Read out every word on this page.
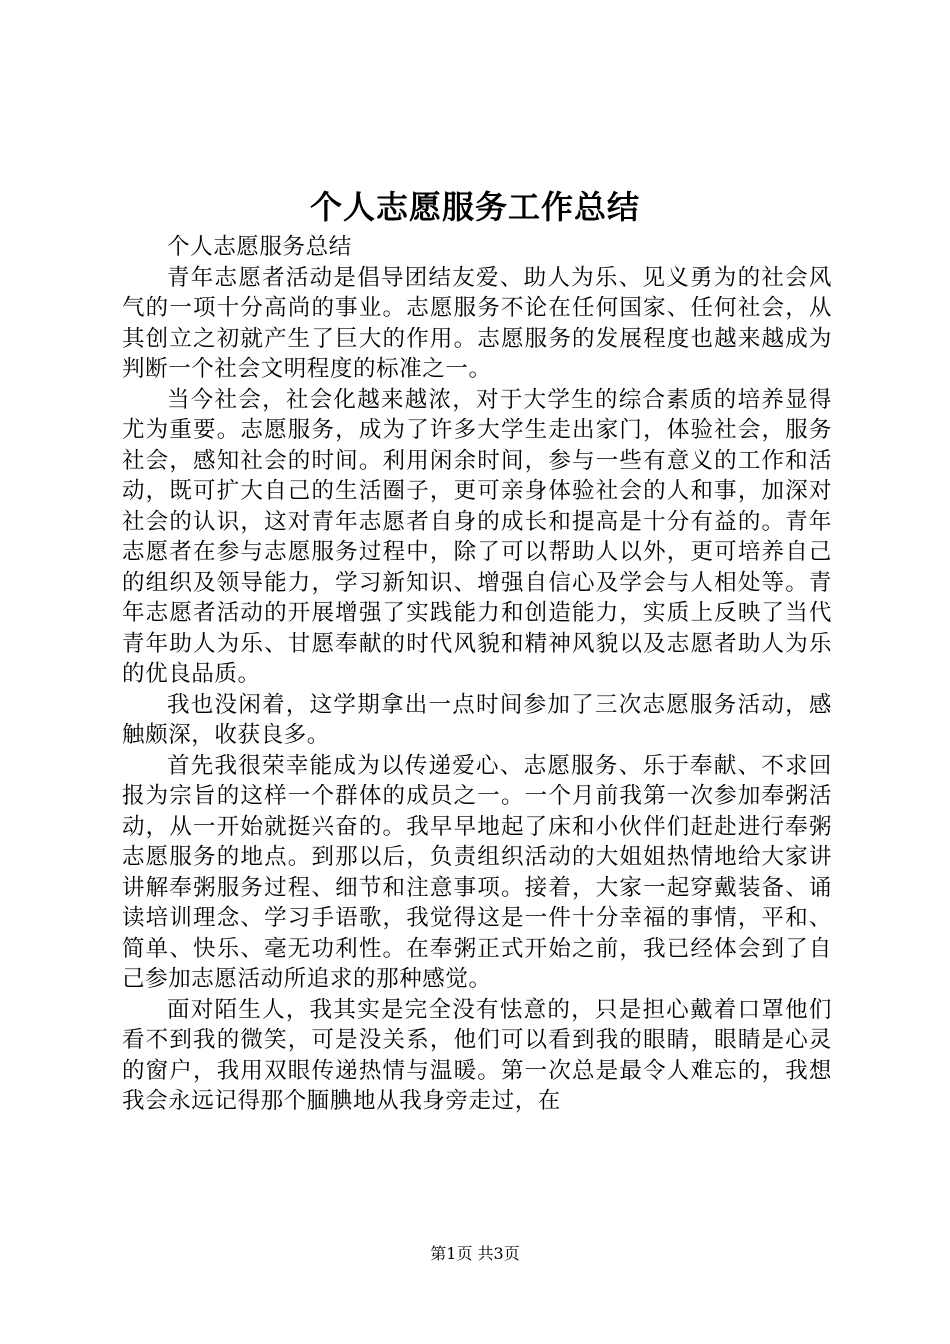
个人志愿服务工作总结

个人志愿服务总结

青年志愿者活动是倡导团结友爱、助人为乐、见义勇为的社会风气的一项十分高尚的事业。志愿服务不论在任何国家、任何社会，从其创立之初就产生了巨大的作用。志愿服务的发展程度也越来越成为判断一个社会文明程度的标准之一。

当今社会，社会化越来越浓，对于大学生的综合素质的培养显得尤为重要。志愿服务，成为了许多大学生走出家门，体验社会，服务社会，感知社会的时间。利用闲余时间，参与一些有意义的工作和活动，既可扩大自己的生活圈子，更可亲身体验社会的人和事，加深对社会的认识，这对青年志愿者自身的成长和提高是十分有益的。青年志愿者在参与志愿服务过程中，除了可以帮助人以外，更可培养自己的组织及领导能力，学习新知识、增强自信心及学会与人相处等。青年志愿者活动的开展增强了实践能力和创造能力，实质上反映了当代青年助人为乐、甘愿奉献的时代风貌和精神风貌以及志愿者助人为乐的优良品质。

我也没闲着，这学期拿出一点时间参加了三次志愿服务活动，感触颇深，收获良多。

首先我很荣幸能成为以传递爱心、志愿服务、乐于奉献、不求回报为宗旨的这样一个群体的成员之一。一个月前我第一次参加奉粥活动，从一开始就挺兴奋的。我早早地起了床和小伙伴们赶赴进行奉粥志愿服务的地点。到那以后，负责组织活动的大姐姐热情地给大家讲讲解奉粥服务过程、细节和注意事项。接着，大家一起穿戴装备、诵读培训理念、学习手语歌，我觉得这是一件十分幸福的事情，平和、简单、快乐、毫无功利性。在奉粥正式开始之前，我已经体会到了自己参加志愿活动所追求的那种感觉。

面对陌生人，我其实是完全没有怯意的，只是担心戴着口罩他们看不到我的微笑，可是没关系，他们可以看到我的眼睛，眼睛是心灵的窗户，我用双眼传递热情与温暖。第一次总是最令人难忘的，我想我会永远记得那个腼腆地从我身旁走过，在

第1页 共3页
